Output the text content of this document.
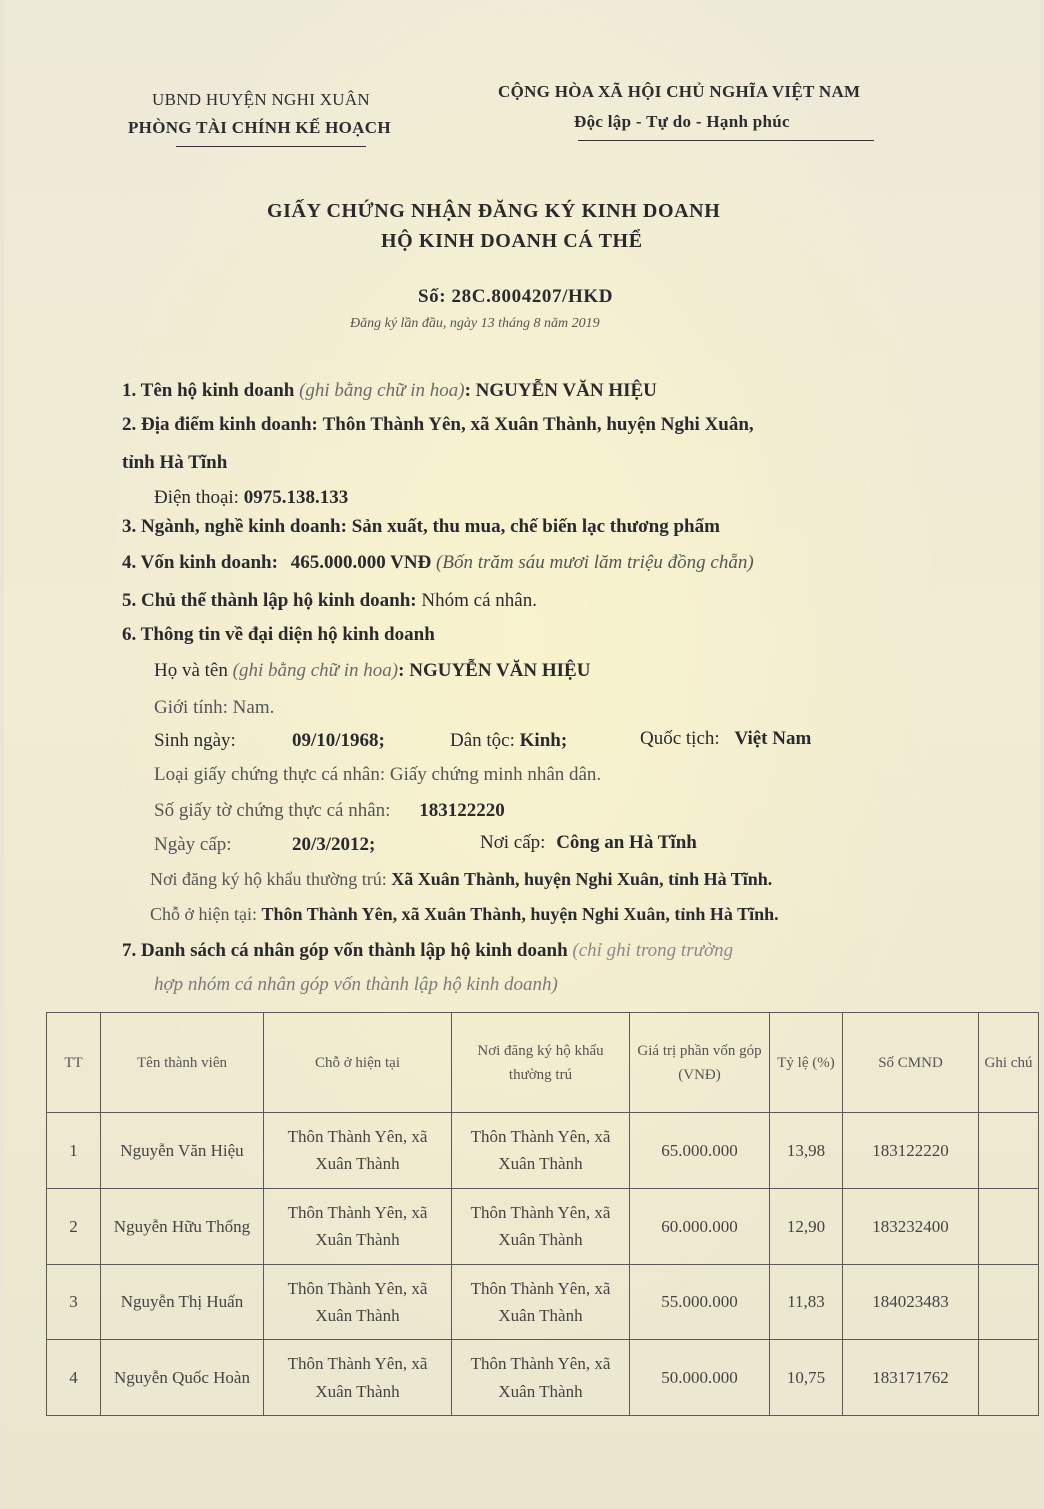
UBND HUYỆN NGHI XUÂN
PHÒNG TÀI CHÍNH KẾ HOẠCH
CỘNG HÒA XÃ HỘI CHỦ NGHĨA VIỆT NAM
Độc lập - Tự do - Hạnh phúc
GIẤY CHỨNG NHẬN ĐĂNG KÝ KINH DOANH
HỘ KINH DOANH CÁ THỂ
Số: 28C.8004207/HKD
Đăng ký lần đầu, ngày 13 tháng 8 năm 2019
1. Tên hộ kinh doanh (ghi bằng chữ in hoa): NGUYỄN VĂN HIỆU
2. Địa điểm kinh doanh: Thôn Thành Yên, xã Xuân Thành, huyện Nghi Xuân,
tỉnh Hà Tĩnh
Điện thoại: 0975.138.133
3. Ngành, nghề kinh doanh: Sản xuất, thu mua, chế biến lạc thương phẩm
4. Vốn kinh doanh: 465.000.000 VNĐ (Bốn trăm sáu mươi lăm triệu đồng chẵn)
5. Chủ thể thành lập hộ kinh doanh: Nhóm cá nhân.
6. Thông tin về đại diện hộ kinh doanh
Họ và tên (ghi bằng chữ in hoa): NGUYỄN VĂN HIỆU
Giới tính: Nam.
Sinh ngày:	09/10/1968;	Dân tộc: Kinh;	Quốc tịch: Việt Nam
Loại giấy chứng thực cá nhân: Giấy chứng minh nhân dân.
Số giấy tờ chứng thực cá nhân: 183122220
Ngày cấp:	20/3/2012;	Nơi cấp: Công an Hà Tĩnh
Nơi đăng ký hộ khẩu thường trú: Xã Xuân Thành, huyện Nghi Xuân, tỉnh Hà Tĩnh.
Chỗ ở hiện tại: Thôn Thành Yên, xã Xuân Thành, huyện Nghi Xuân, tỉnh Hà Tĩnh.
7. Danh sách cá nhân góp vốn thành lập hộ kinh doanh (chỉ ghi trong trường
hợp nhóm cá nhân góp vốn thành lập hộ kinh doanh)
TT	Tên thành viên	Chỗ ở hiện tại	Nơi đăng ký hộ khẩu thường trú	Giá trị phần vốn góp (VNĐ)	Tỷ lệ (%)	Số CMND	Ghi chú
1	Nguyễn Văn Hiệu	Thôn Thành Yên, xã Xuân Thành	Thôn Thành Yên, xã Xuân Thành	65.000.000	13,98	183122220	
2	Nguyễn Hữu Thống	Thôn Thành Yên, xã Xuân Thành	Thôn Thành Yên, xã Xuân Thành	60.000.000	12,90	183232400	
3	Nguyễn Thị Huấn	Thôn Thành Yên, xã Xuân Thành	Thôn Thành Yên, xã Xuân Thành	55.000.000	11,83	184023483	
4	Nguyễn Quốc Hoàn	Thôn Thành Yên, xã Xuân Thành	Thôn Thành Yên, xã Xuân Thành	50.000.000	10,75	183171762	
